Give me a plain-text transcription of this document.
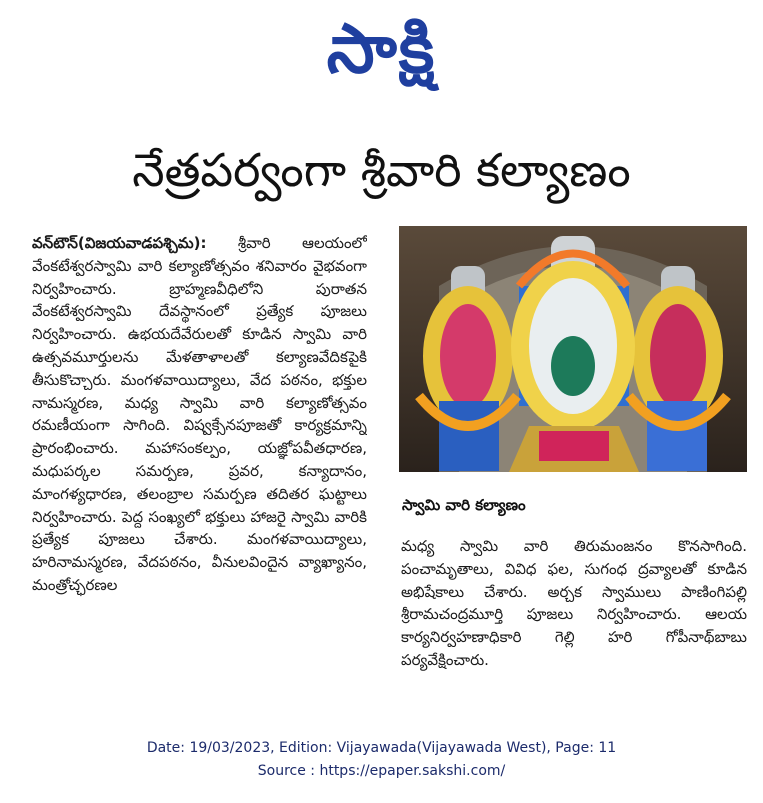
సాక్షి
నేత్రపర్వంగా శ్రీవారి కల్యాణం

వన్‌టౌన్‌(విజయవాడపశ్చిమ): శ్రీవారి ఆలయంలో వేంకటేశ్వరస్వామి వారి కల్యాణోత్సవం శనివారం వైభవంగా నిర్వహించారు. బ్రాహ్మణవీధిలోని పురాతన వేంకటేశ్వరస్వామి దేవస్థానంలో ప్రత్యేక పూజలు నిర్వహించారు. ఉభయదేవేరులతో కూడిన స్వామి వారి ఉత్సవమూర్తులను మేళతాళాలతో కల్యాణవేదికపైకి తీసుకొచ్చారు. మంగళవాయిద్యాలు, వేద పఠనం, భక్తుల నామస్మరణ, మధ్య స్వామి వారి కల్యాణోత్సవం రమణీయంగా సాగింది. విష్వక్సేనపూజతో కార్యక్రమాన్ని ప్రారంభించారు. మహాసంకల్పం, యజ్ఞోపవీతధారణ, మధుపర్కల సమర్పణ, ప్రవర, కన్యాదానం, మాంగళ్యధారణ, తలంబ్రాల సమర్పణ తదితర ఘట్టాలు నిర్వహించారు. పెద్ద సంఖ్యలో భక్తులు హాజరై స్వామి వారికి ప్రత్యేక పూజలు చేశారు. మంగళవాయిద్యాలు, హరినామస్మరణ, వేదపఠనం, వీనులవిందైన వ్యాఖ్యానం, మంత్రోచ్ఛరణల

స్వామి వారి కల్యాణం

మధ్య స్వామి వారి తిరుమంజనం కొనసాగింది. పంచామృతాలు, వివిధ ఫల, సుగంధ ద్రవ్యాలతో కూడిన అభిషేకాలు చేశారు. అర్చక స్వాములు పాణింగిపల్లి శ్రీరామచంద్రమూర్తి పూజలు నిర్వహించారు. ఆలయ కార్యనిర్వహణాధికారి గెల్లి హరి గోపీనాథ్‌బాబు పర్యవేక్షించారు.

Date: 19/03/2023, Edition: Vijayawada(Vijayawada West), Page: 11
Source : https://epaper.sakshi.com/
